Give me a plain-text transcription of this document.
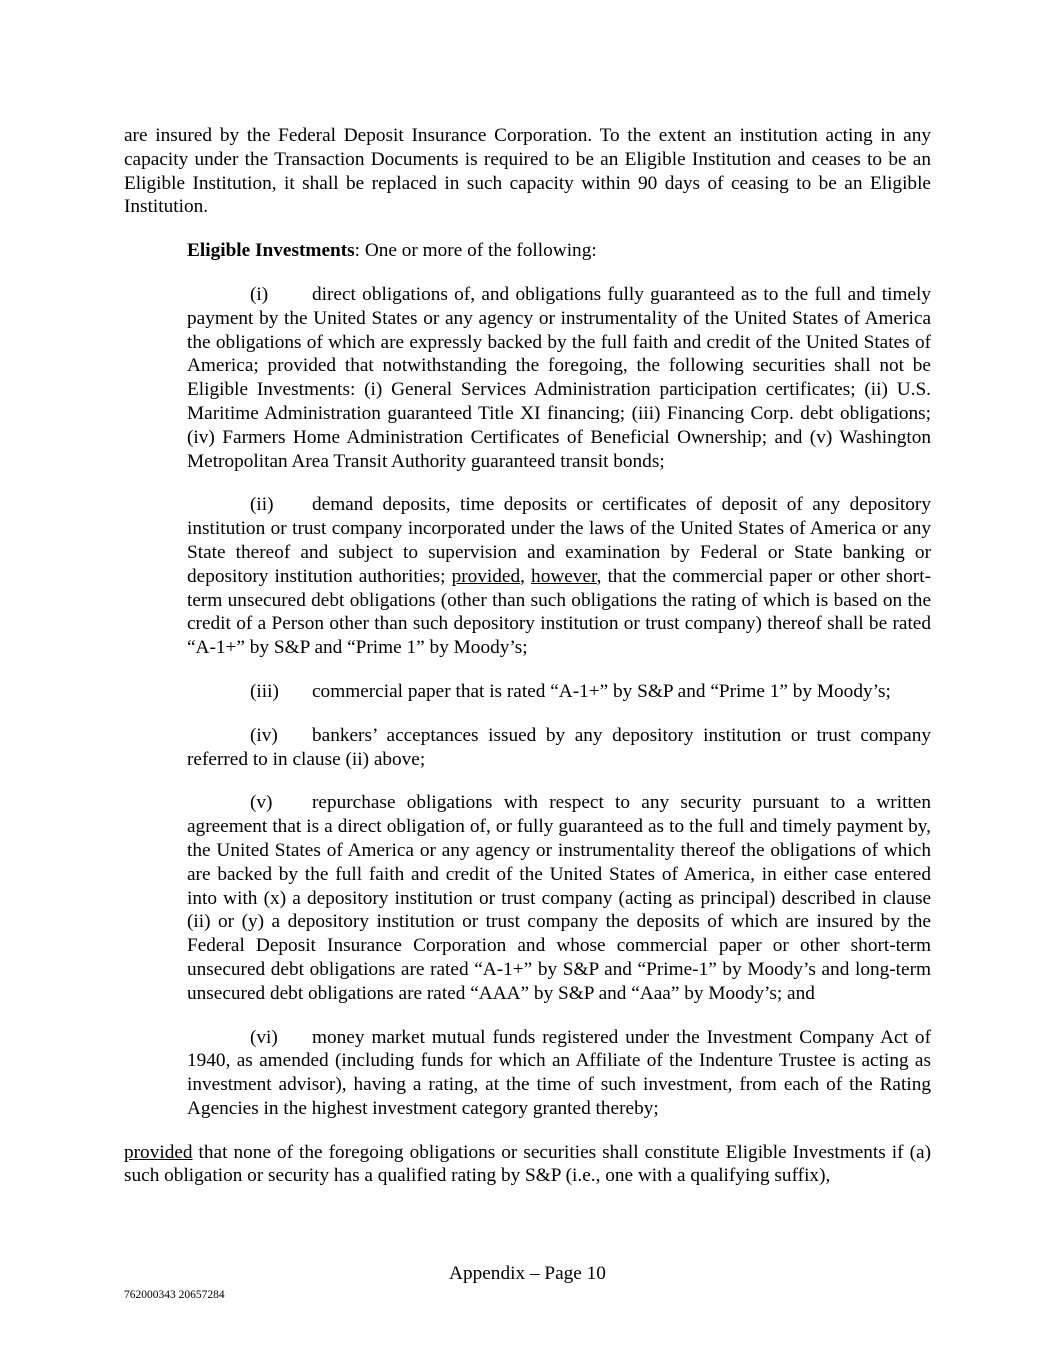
are insured by the Federal Deposit Insurance Corporation. To the extent an institution acting in any capacity under the Transaction Documents is required to be an Eligible Institution and ceases to be an Eligible Institution, it shall be replaced in such capacity within 90 days of ceasing to be an Eligible Institution.

Eligible Investments: One or more of the following:

(i) direct obligations of, and obligations fully guaranteed as to the full and timely payment by the United States or any agency or instrumentality of the United States of America the obligations of which are expressly backed by the full faith and credit of the United States of America; provided that notwithstanding the foregoing, the following securities shall not be Eligible Investments: (i) General Services Administration participation certificates; (ii) U.S. Maritime Administration guaranteed Title XI financing; (iii) Financing Corp. debt obligations; (iv) Farmers Home Administration Certificates of Beneficial Ownership; and (v) Washington Metropolitan Area Transit Authority guaranteed transit bonds;

(ii) demand deposits, time deposits or certificates of deposit of any depository institution or trust company incorporated under the laws of the United States of America or any State thereof and subject to supervision and examination by Federal or State banking or depository institution authorities; provided, however, that the commercial paper or other short-term unsecured debt obligations (other than such obligations the rating of which is based on the credit of a Person other than such depository institution or trust company) thereof shall be rated “A-1+” by S&P and “Prime 1” by Moody’s;

(iii) commercial paper that is rated “A-1+” by S&P and “Prime 1” by Moody’s;

(iv) bankers’ acceptances issued by any depository institution or trust company referred to in clause (ii) above;

(v) repurchase obligations with respect to any security pursuant to a written agreement that is a direct obligation of, or fully guaranteed as to the full and timely payment by, the United States of America or any agency or instrumentality thereof the obligations of which are backed by the full faith and credit of the United States of America, in either case entered into with (x) a depository institution or trust company (acting as principal) described in clause (ii) or (y) a depository institution or trust company the deposits of which are insured by the Federal Deposit Insurance Corporation and whose commercial paper or other short-term unsecured debt obligations are rated “A-1+” by S&P and “Prime-1” by Moody’s and long-term unsecured debt obligations are rated “AAA” by S&P and “Aaa” by Moody’s; and

(vi) money market mutual funds registered under the Investment Company Act of 1940, as amended (including funds for which an Affiliate of the Indenture Trustee is acting as investment advisor), having a rating, at the time of such investment, from each of the Rating Agencies in the highest investment category granted thereby;

provided that none of the foregoing obligations or securities shall constitute Eligible Investments if (a) such obligation or security has a qualified rating by S&P (i.e., one with a qualifying suffix),

Appendix – Page 10
762000343 20657284
